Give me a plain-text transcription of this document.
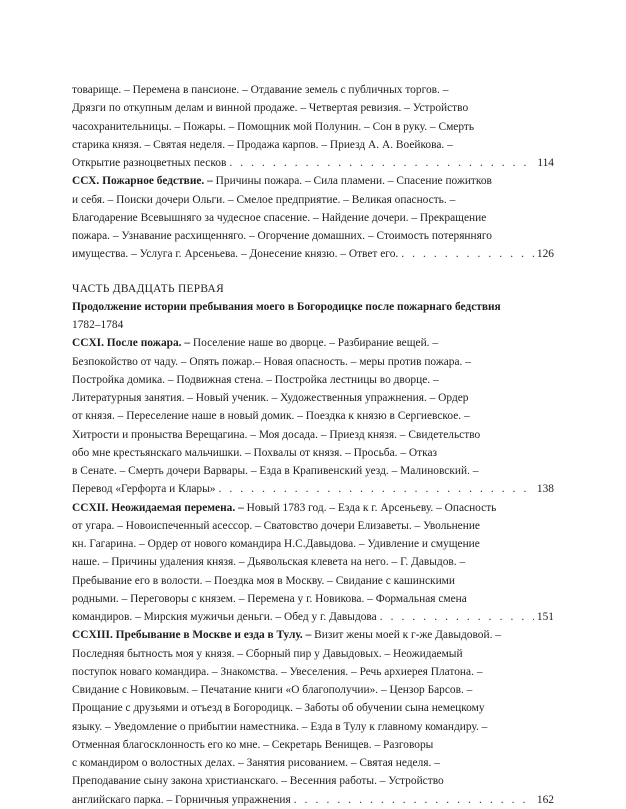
товарище. – Перемена в пансионе. – Отдавание земель с публичных торгов. –
Дрязги по откупным делам и винной продаже. – Четвертая ревизия. – Устройство
часохранительницы. – Пожары. – Помощник мой Полунин. – Сон в руку. – Смерть
старика князя. – Святая неделя. – Продажа карпов. – Приезд А. А. Воейкова. –
Открытие разноцветных песков . . .	114
ССХ. Пожарное бедствие. – Причины пожара. – Сила пламени. – Спасение пожитков
и себя. – Поиски дочери Ольги. – Смелое предприятие. – Великая опасность. –
Благодарение Всевышняго за чудесное спасение. – Найдение дочери. – Прекращение
пожара. – Узнавание расхищенняго. – Огорчение домашних. – Стоимость потерянняго
имущества. – Услуга г. Арсеньева. – Донесение князю. – Ответ его. . . .	126
ЧАСТЬ ДВАДЦАТЬ ПЕРВАЯ
Продолжение истории пребывания моего в Богородицке после пожарнаго бедствия
1782–1784
ССXI. После пожара. – Поселение наше во дворце. – Разбирание вещей. –
Безпокойство от чаду. – Опять пожар.– Новая опасность. – меры против пожара. –
Постройка домика. – Подвижная стена. – Постройка лестницы во дворце. –
Литературныя занятия. – Новый ученик. – Художественныя упражнения. – Ордер
от князя. – Переселение наше в новый домик. – Поездка к князю в Сергиевское. –
Хитрости и проныства Верещагина. – Моя досада. – Приезд князя. – Свидетельство
обо мне крестьянскаго мальчишки. – Похвалы от князя. – Просьба. – Отказ
в Сенате. – Смерть дочери Варвары. – Езда в Крапивенский уезд. – Малиновский. –
Перевод «Герфорта и Клары» . . .	138
ССXII. Неожидаемая перемена. – Новый 1783 год. – Езда к г. Арсеньеву. – Опасность
от угара. – Новоиспеченный асессор. – Сватовство дочери Елизаветы. – Увольнение
кн. Гагарина. – Ордер от нового командира Н.С.Давыдова. – Удивление и смущение
наше. – Причины удаления князя. – Дьявольская клевета на него. – Г. Давыдов. –
Пребывание его в волости. – Поездка моя в Москву. – Свидание с кашинскими
родными. – Переговоры с князем. – Перемена у г. Новикова. – Формальная смена
командиров. – Мирския мужичьи деньги. – Обед у г. Давыдова . . .	151
ССXIII. Пребывание в Москве и езда в Тулу. – Визит жены моей к г-же Давыдовой. –
Последняя бытность моя у князя. – Сборный пир у Давыдовых. – Неожидаемый
поступок новаго командира. – Знакомства. – Увеселения. – Речь архиерея Платона. –
Свидание с Новиковым. – Печатание книги «О благополучии». – Цензор Барсов. –
Прощание с друзьями и отъезд в Богородицк. – Заботы об обучении сына немецкому
языку. – Уведомление о прибытии наместника. – Езда в Тулу к главному командиру. –
Отменная благосклонность его ко мне. – Секретарь Венищев. – Разговоры
с командиром о волостных делах. – Занятия рисованием. – Святая неделя. –
Преподавание сыну закона христианскаго. – Весенния работы. – Устройство
английскаго парка. – Горничныя упражнения . . .	162
